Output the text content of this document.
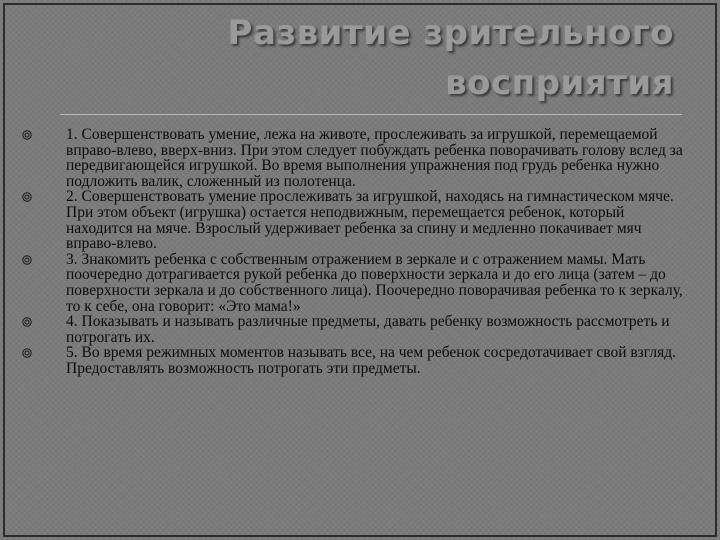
Развитие зрительного
восприятия
1. Совершенствовать умение, лежа на животе, прослеживать за игрушкой, перемещаемой вправо-влево, вверх-вниз. При этом следует побуждать ребенка поворачивать голову вслед за передвигающейся игрушкой. Во время выполнения упражнения под грудь ребенка нужно подложить валик, сложенный из полотенца.
2. Совершенствовать умение прослеживать за игрушкой, находясь на гимнастическом мяче. При этом объект (игрушка) остается неподвижным, перемещается ребенок, который находится на мяче. Взрослый удерживает ребенка за спину и медленно покачивает мяч вправо-влево.
3. Знакомить ребенка с собственным отражением в зеркале и с отражением мамы. Мать поочередно дотрагивается рукой ребенка до поверхности зеркала и до его лица (затем – до поверхности зеркала и до собственного лица). Поочередно поворачивая ребенка то к зеркалу, то к себе, она говорит: «Это мама!»
4. Показывать и называть различные предметы, давать ребенку возможность рассмотреть и потрогать их.
5. Во время режимных моментов называть все, на чем ребенок сосредотачивает свой взгляд. Предоставлять возможность потрогать эти предметы.
